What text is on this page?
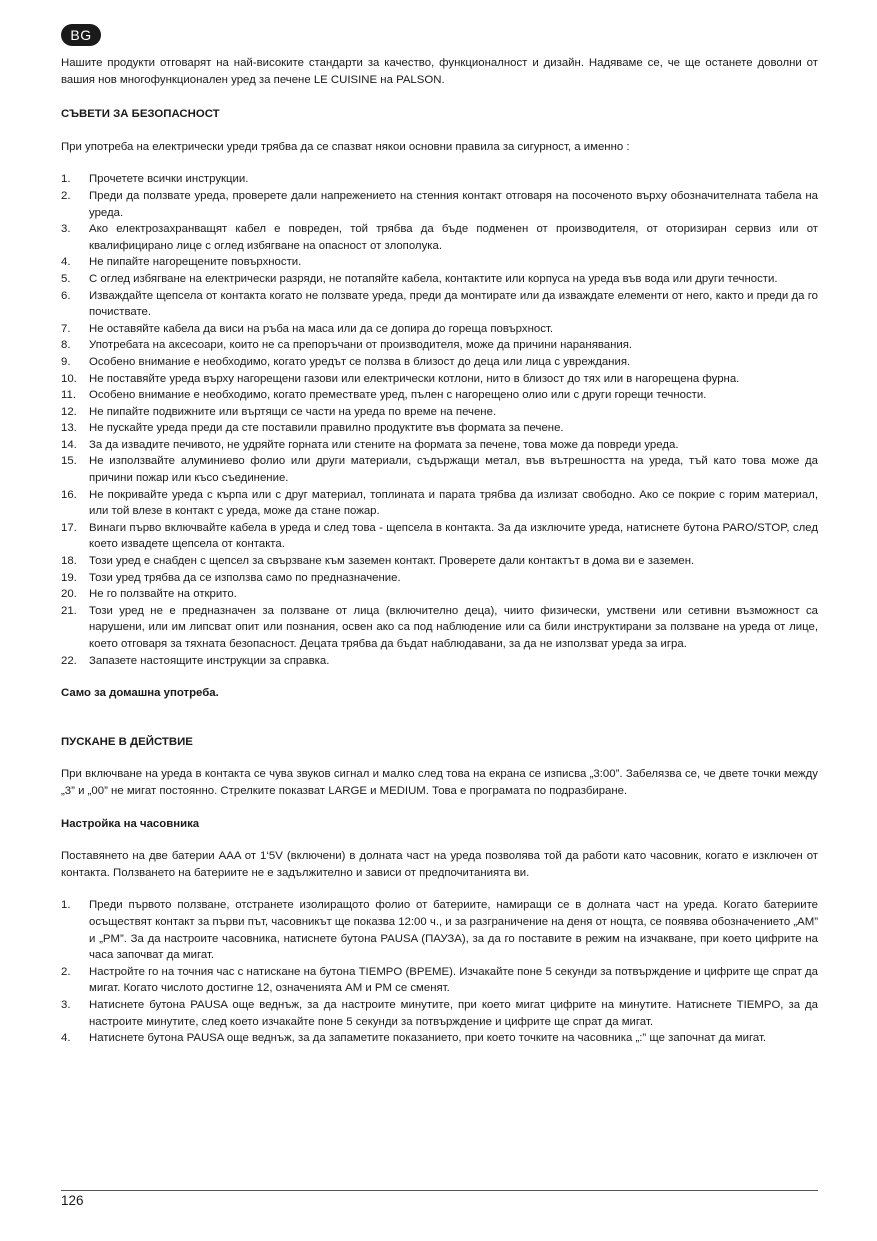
BG

Нашите продукти отговарят на най-високите стандарти за качество, функционалност и дизайн. Надяваме се, че ще останете доволни от вашия нов многофункционален уред за печене LE CUISINE на PALSON.

СЪВЕТИ ЗА БЕЗОПАСНОСТ

При употреба на електрически уреди трябва да се спазват някои основни правила за сигурност, а именно :

1. Прочетете всички инструкции.
2. Преди да ползвате уреда, проверете дали напрежението на стенния контакт отговаря на посоченото върху обозначителната табела на уреда.
3. Ако електрозахранващят кабел е повреден, той трябва да бъде подменен от производителя, от оторизиран сервиз или от квалифицирано лице с оглед избягване на опасност от злополука.
4. Не пипайте нагорещените повърхности.
5. С оглед избягване на електрически разряди, не потапяйте кабела, контактите или корпуса на уреда във вода или други течности.
6. Изваждайте щепсела от контакта когато не ползвате уреда, преди да монтирате или да изваждате елементи от него, както и преди да го почиствате.
7. Не оставяйте кабела да виси на ръба на маса или да се допира до гореща повърхност.
8. Употребата на аксесоари, които не са препоръчани от производителя, може да причини наранявания.
9. Особено внимание е необходимо, когато уредът се ползва в близост до деца или лица с увреждания.
10. Не поставяйте уреда върху нагорещени газови или електрически котлони, нито в близост до тях или в нагорещена фурна.
11. Особено внимание е необходимо, когато премествате уред, пълен с нагорещено олио или с други горещи течности.
12. Не пипайте подвижните или въртящи се части на уреда по време на печене.
13. Не пускайте уреда преди да сте поставили правилно продуктите във формата за печене.
14. За да извадите печивото, не удряйте горната или стените на формата за печене, това може да повреди уреда.
15. Не използвайте алуминиево фолио или други материали, съдържащи метал, във вътрешността на уреда, тъй като това може да причини пожар или късо съединение.
16. Не покривайте уреда с кърпа или с друг материал, топлината и парата трябва да излизат свободно. Ако се покрие с горим материал, или той влезе в контакт с уреда, може да стане пожар.
17. Винаги първо включвайте кабела в уреда и след това - щепсела в контакта. За да изключите уреда, натиснете бутона PARO/STOP, след което извадете щепсела от контакта.
18. Този уред е снабден с щепсел за свързване към заземен контакт. Проверете дали контактът в дома ви е заземен.
19. Този уред трябва да се използва само по предназначение.
20. Не го ползвайте на открито.
21. Този уред не е предназначен за ползване от лица (включително деца), чиито физически, умствени или сетивни възможност са нарушени, или им липсват опит или познания, освен ако са под наблюдение или са били инструктирани за ползване на уреда от лице, което отговаря за тяхната безопасност. Децата трябва да бъдат наблюдавани, за да не използват уреда за игра.
22. Запазете настоящите инструкции за справка.
Само за домашна употреба.
ПУСКАНЕ В ДЕЙСТВИЕ

При включване на уреда в контакта се чува звуков сигнал и малко след това на екрана се изписва „3:00”. Забелязва се, че двете точки между „3” и „00” не мигат постоянно. Стрелките показват LARGE и MEDIUM. Това е програмата по подразбиране.

Настройка на часовника

Поставянето на две батерии AAA от 1‘5V (включени) в долната част на уреда позволява той да работи като часовник, когато е изключен от контакта. Ползването на батериите не е задължително и зависи от предпочитанията ви.

1. Преди първото ползване, отстранете изолиращото фолио от батериите, намиращи се в долната част на уреда. Когато батериите осъществят контакт за първи път, часовникът ще показва 12:00 ч., и за разграничение на деня от нощта, се появява обозначението „AM” и „PM”. За да настроите часовника, натиснете бутона PAUSA (ПАУЗА), за да го поставите в режим на изчакване, при което цифрите на часа започват да мигат.
2. Настройте го на точния час с натискане на бутона TIEMPO (ВРЕМЕ). Изчакайте поне 5 секунди за потвърждение и цифрите ще спрат да мигат. Когато числото достигне 12, означенията AM и PM се сменят.
3. Натиснете бутона PAUSA още веднъж, за да настроите минутите, при което мигат цифрите на минутите. Натиснете TIEMPO, за да настроите минутите, след което изчакайте поне 5 секунди за потвърждение и цифрите ще спрат да мигат.
4. Натиснете бутона PAUSA още веднъж, за да запаметите показанието, при което точките на часовника „:” ще започнат да мигат.
126
